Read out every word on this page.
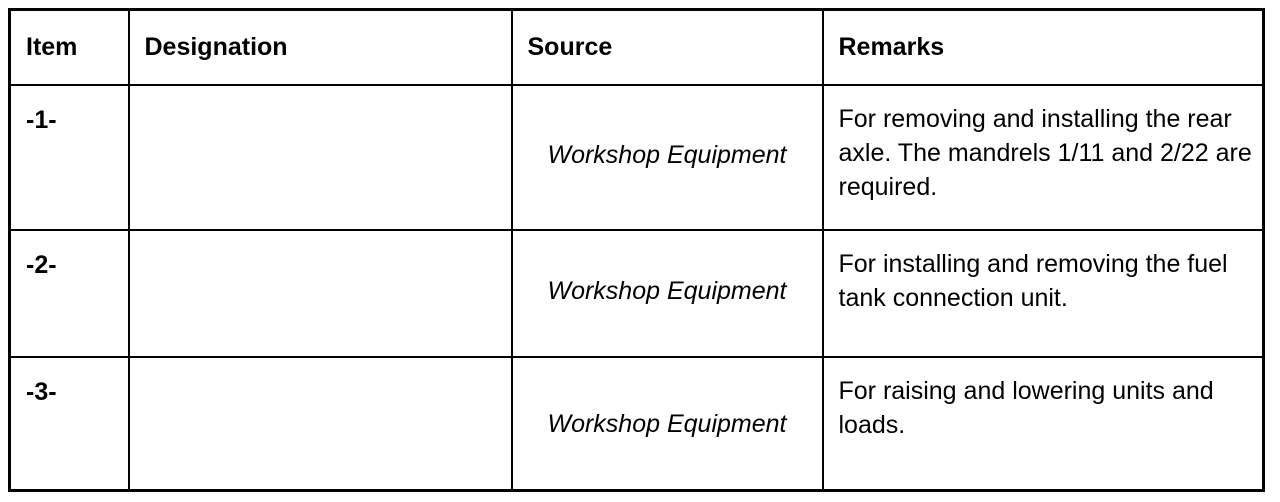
Item	Designation	Source	Remarks
-1-		Workshop Equipment	For removing and installing the rear axle. The mandrels 1/11 and 2/22 are required.
-2-		Workshop Equipment	For installing and removing the fuel tank connection unit.
-3-		Workshop Equipment	For raising and lowering units and loads.
